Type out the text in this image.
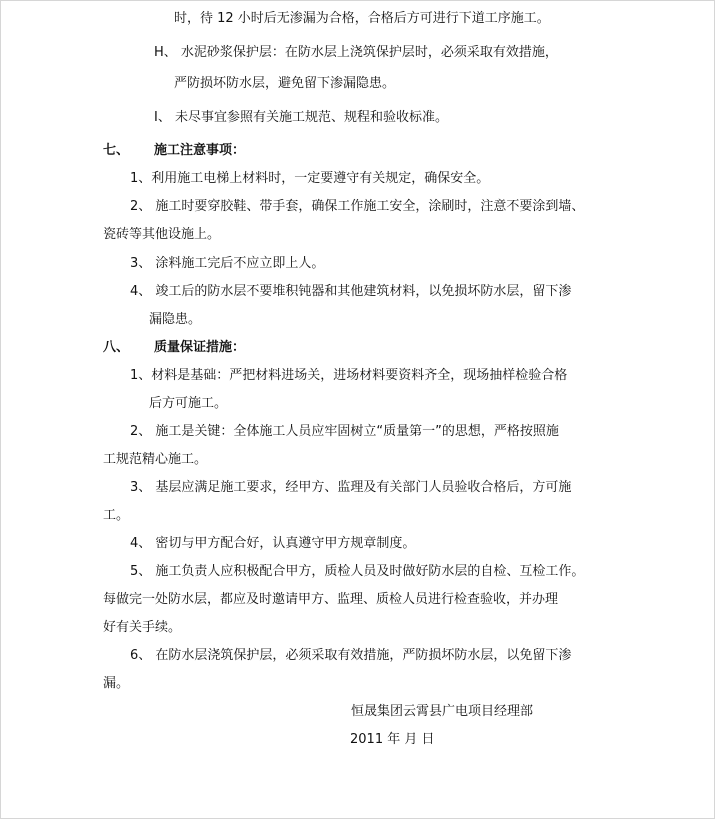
时，待 12 小时后无渗漏为合格，合格后方可进行下道工序施工。
H、 水泥砂浆保护层：在防水层上浇筑保护层时，必须采取有效措施，
严防损坏防水层，避免留下渗漏隐患。
I、 未尽事宜参照有关施工规范、规程和验收标准。
七、 施工注意事项：
1、利用施工电梯上材料时，一定要遵守有关规定，确保安全。
2、 施工时要穿胶鞋、带手套，确保工作施工安全，涂刷时，注意不要涂到墙、
瓷砖等其他设施上。
3、 涂料施工完后不应立即上人。
4、 竣工后的防水层不要堆积钝器和其他建筑材料，以免损坏防水层，留下渗
漏隐患。
八、 质量保证措施：
1、材料是基础：严把材料进场关，进场材料要资料齐全，现场抽样检验合格
后方可施工。
2、 施工是关键：全体施工人员应牢固树立“质量第一”的思想，严格按照施
工规范精心施工。
3、 基层应满足施工要求，经甲方、监理及有关部门人员验收合格后，方可施
工。
4、 密切与甲方配合好，认真遵守甲方规章制度。
5、 施工负责人应积极配合甲方，质检人员及时做好防水层的自检、互检工作。
每做完一处防水层，都应及时邀请甲方、监理、质检人员进行检查验收，并办理
好有关手续。
6、 在防水层浇筑保护层，必须采取有效措施，严防损坏防水层，以免留下渗
漏。
恒晟集团云霄县广电项目经理部
2011 年 月 日
